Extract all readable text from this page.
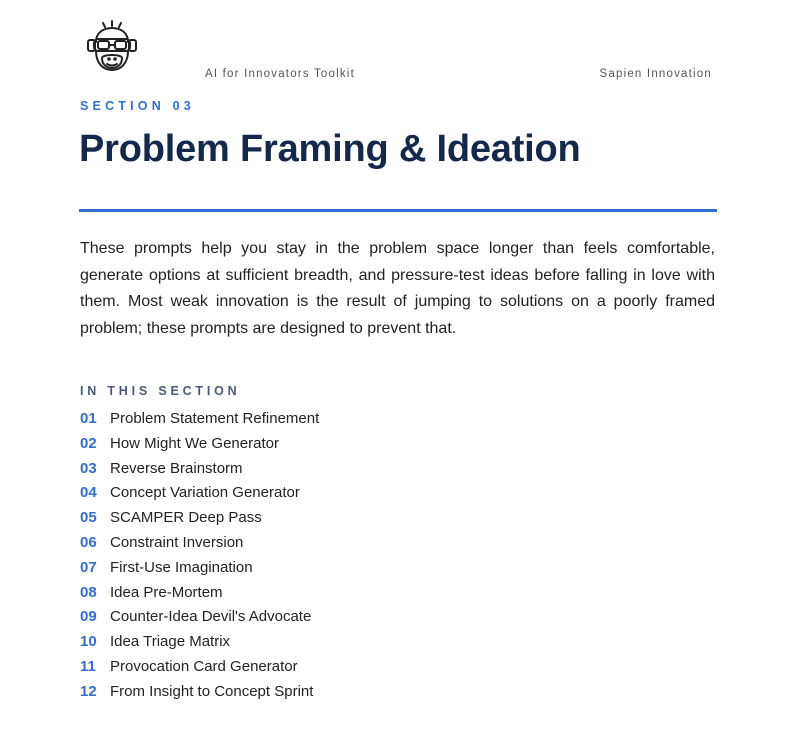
AI for Innovators Toolkit	Sapien Innovation
SECTION 03
Problem Framing & Ideation

These prompts help you stay in the problem space longer than feels comfortable, generate options at sufficient breadth, and pressure-test ideas before falling in love with them. Most weak innovation is the result of jumping to solutions on a poorly framed problem; these prompts are designed to prevent that.

IN THIS SECTION
01 Problem Statement Refinement
02 How Might We Generator
03 Reverse Brainstorm
04 Concept Variation Generator
05 SCAMPER Deep Pass
06 Constraint Inversion
07 First-Use Imagination
08 Idea Pre-Mortem
09 Counter-Idea Devil's Advocate
10 Idea Triage Matrix
11 Provocation Card Generator
12 From Insight to Concept Sprint
